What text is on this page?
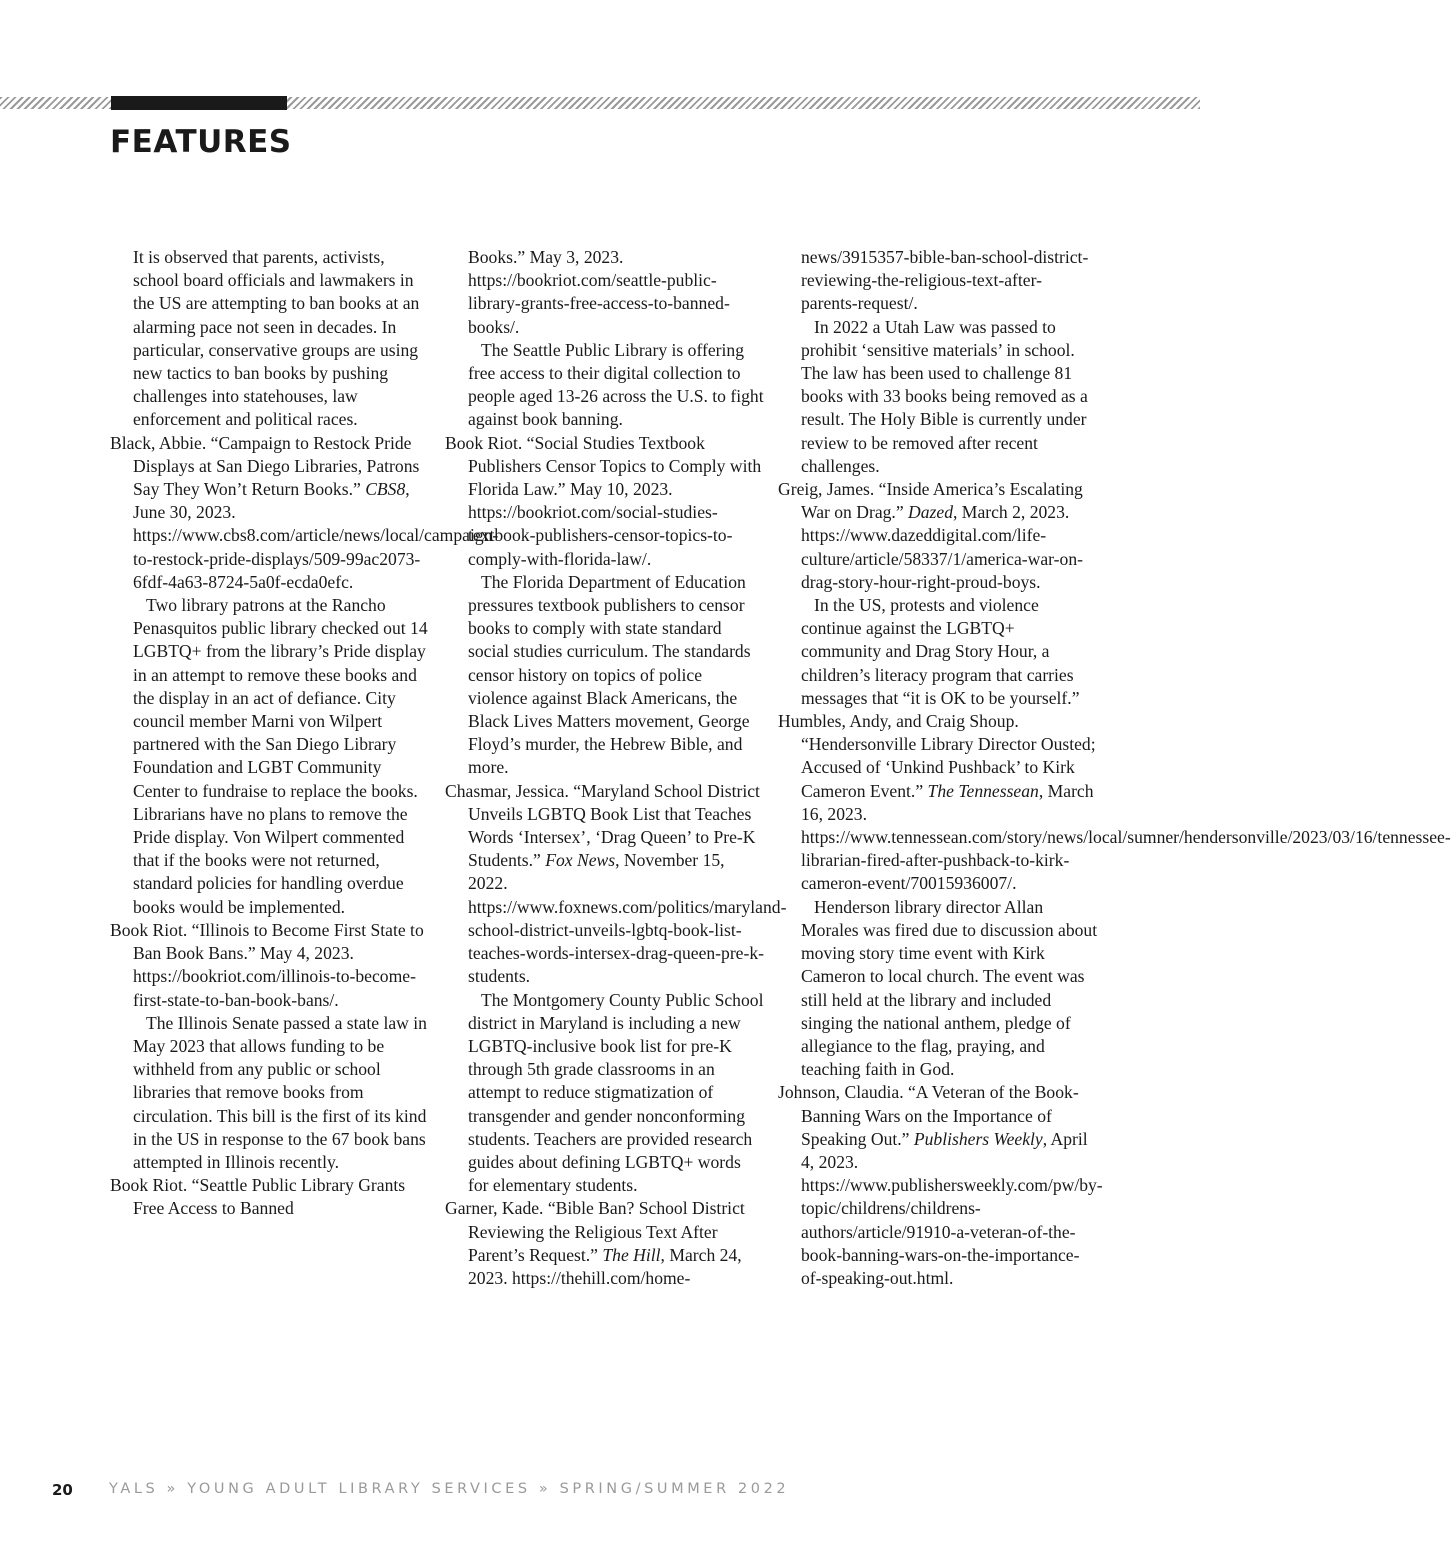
FEATURES

It is observed that parents, activists, school board officials and lawmakers in the US are attempting to ban books at an alarming pace not seen in decades. In particular, conservative groups are using new tactics to ban books by pushing challenges into statehouses, law enforcement and political races.

Black, Abbie. “Campaign to Restock Pride Displays at San Diego Libraries, Patrons Say They Won’t Return Books.” CBS8, June 30, 2023. https://www.cbs8.com/article/news/local/campaign-to-restock-pride-displays/509-99ac2073-6fdf-4a63-8724-5a0f-ecda0efc.

Two library patrons at the Rancho Penasquitos public library checked out 14 LGBTQ+ from the library’s Pride display in an attempt to remove these books and the display in an act of defiance. City council member Marni von Wilpert partnered with the San Diego Library Foundation and LGBT Community Center to fundraise to replace the books. Librarians have no plans to remove the Pride display. Von Wilpert commented that if the books were not returned, standard policies for handling overdue books would be implemented.

Book Riot. “Illinois to Become First State to Ban Book Bans.” May 4, 2023. https://bookriot.com/illinois-to-become-first-state-to-ban-book-bans/.

The Illinois Senate passed a state law in May 2023 that allows funding to be withheld from any public or school libraries that remove books from circulation. This bill is the first of its kind in the US in response to the 67 book bans attempted in Illinois recently.

Book Riot. “Seattle Public Library Grants Free Access to Banned

Books.” May 3, 2023. https://bookriot.com/seattle-public-library-grants-free-access-to-banned-books/.

The Seattle Public Library is offering free access to their digital collection to people aged 13-26 across the U.S. to fight against book banning.

Book Riot. “Social Studies Textbook Publishers Censor Topics to Comply with Florida Law.” May 10, 2023. https://bookriot.com/social-studies-textbook-publishers-censor-topics-to-comply-with-florida-law/.

The Florida Department of Education pressures textbook publishers to censor books to comply with state standard social studies curriculum. The standards censor history on topics of police violence against Black Americans, the Black Lives Matters movement, George Floyd’s murder, the Hebrew Bible, and more.

Chasmar, Jessica. “Maryland School District Unveils LGBTQ Book List that Teaches Words ‘Intersex’, ‘Drag Queen’ to Pre-K Students.” Fox News, November 15, 2022. https://www.foxnews.com/politics/maryland-school-district-unveils-lgbtq-book-list-teaches-words-intersex-drag-queen-pre-k-students.

The Montgomery County Public School district in Maryland is including a new LGBTQ-inclusive book list for pre-K through 5th grade classrooms in an attempt to reduce stigmatization of transgender and gender nonconforming students. Teachers are provided research guides about defining LGBTQ+ words for elementary students.

Garner, Kade. “Bible Ban? School District Reviewing the Religious Text After Parent’s Request.” The Hill, March 24, 2023. https://thehill.com/home-

news/3915357-bible-ban-school-district-reviewing-the-religious-text-after-parents-request/.

In 2022 a Utah Law was passed to prohibit ‘sensitive materials’ in school. The law has been used to challenge 81 books with 33 books being removed as a result. The Holy Bible is currently under review to be removed after recent challenges.

Greig, James. “Inside America’s Escalating War on Drag.” Dazed, March 2, 2023. https://www.dazeddigital.com/life-culture/article/58337/1/america-war-on-drag-story-hour-right-proud-boys.

In the US, protests and violence continue against the LGBTQ+ community and Drag Story Hour, a children’s literacy program that carries messages that “it is OK to be yourself.”

Humbles, Andy, and Craig Shoup. “Hendersonville Library Director Ousted; Accused of ‘Unkind Pushback’ to Kirk Cameron Event.” The Tennessean, March 16, 2023. https://www.tennessean.com/story/news/local/sumner/hendersonville/2023/03/16/tennessee-librarian-fired-after-pushback-to-kirk-cameron-event/70015936007/.

Henderson library director Allan Morales was fired due to discussion about moving story time event with Kirk Cameron to local church. The event was still held at the library and included singing the national anthem, pledge of allegiance to the flag, praying, and teaching faith in God.

Johnson, Claudia. “A Veteran of the Book-Banning Wars on the Importance of Speaking Out.” Publishers Weekly, April 4, 2023. https://www.publishersweekly.com/pw/by-topic/childrens/childrens-authors/article/91910-a-veteran-of-the-book-banning-wars-on-the-importance-of-speaking-out.html.

20 YALS » YOUNG ADULT LIBRARY SERVICES » SPRING/SUMMER 2022
